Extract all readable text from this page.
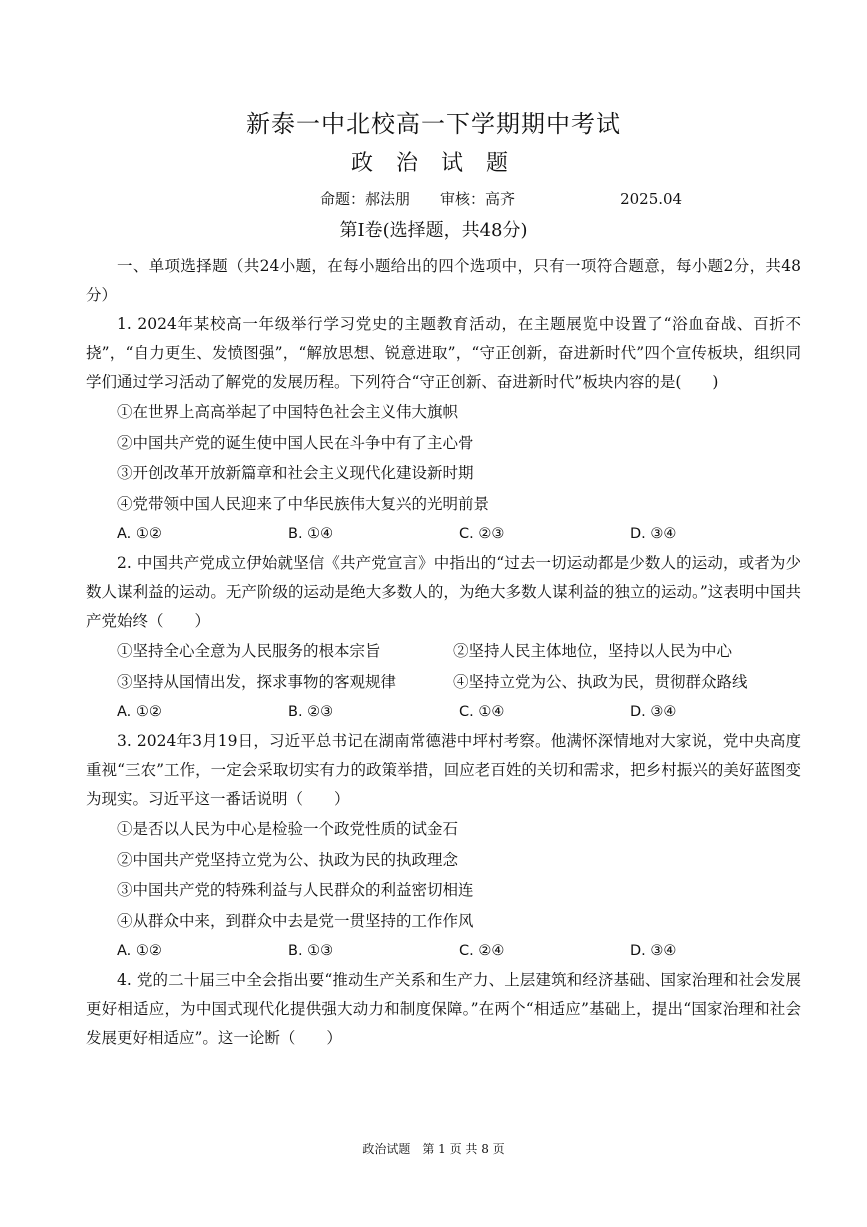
新泰一中北校高一下学期期中考试
政 治 试 题
命题：郝法朋　　 审核：高齐　　　　　　　	2025.04
第Ⅰ卷(选择题，共48分)
一、单项选择题（共24小题，在每小题给出的四个选项中，只有一项符合题意，每小题2分，共48分）
1. 2024年某校高一年级举行学习党史的主题教育活动，在主题展览中设置了“浴血奋战、百折不挠”，“自力更生、发愤图强”，“解放思想、锐意进取”，“守正创新，奋进新时代”四个宣传板块，组织同学们通过学习活动了解党的发展历程。下列符合“守正创新、奋进新时代”板块内容的是(　　)
①在世界上高高举起了中国特色社会主义伟大旗帜
②中国共产党的诞生使中国人民在斗争中有了主心骨
③开创改革开放新篇章和社会主义现代化建设新时期
④党带领中国人民迎来了中华民族伟大复兴的光明前景
A. ①②	B. ①④	C. ②③	D. ③④
2. 中国共产党成立伊始就坚信《共产党宣言》中指出的“过去一切运动都是少数人的运动，或者为少数人谋利益的运动。无产阶级的运动是绝大多数人的，为绝大多数人谋利益的独立的运动。”这表明中国共产党始终（　　）
①坚持全心全意为人民服务的根本宗旨	②坚持人民主体地位，坚持以人民为中心
③坚持从国情出发，探求事物的客观规律	④坚持立党为公、执政为民，贯彻群众路线
A. ①②	B. ②③	C. ①④	D. ③④
3. 2024年3月19日，习近平总书记在湖南常德港中坪村考察。他满怀深情地对大家说，党中央高度重视“三农”工作，一定会采取切实有力的政策举措，回应老百姓的关切和需求，把乡村振兴的美好蓝图变为现实。习近平这一番话说明（　　）
①是否以人民为中心是检验一个政党性质的试金石
②中国共产党坚持立党为公、执政为民的执政理念
③中国共产党的特殊利益与人民群众的利益密切相连
④从群众中来，到群众中去是党一贯坚持的工作作风
A. ①②	B. ①③	C. ②④	D. ③④
4. 党的二十届三中全会指出要“推动生产关系和生产力、上层建筑和经济基础、国家治理和社会发展更好相适应，为中国式现代化提供强大动力和制度保障。”在两个“相适应”基础上，提出“国家治理和社会发展更好相适应”。这一论断（　　）
政治试题　第 1 页 共 8 页
